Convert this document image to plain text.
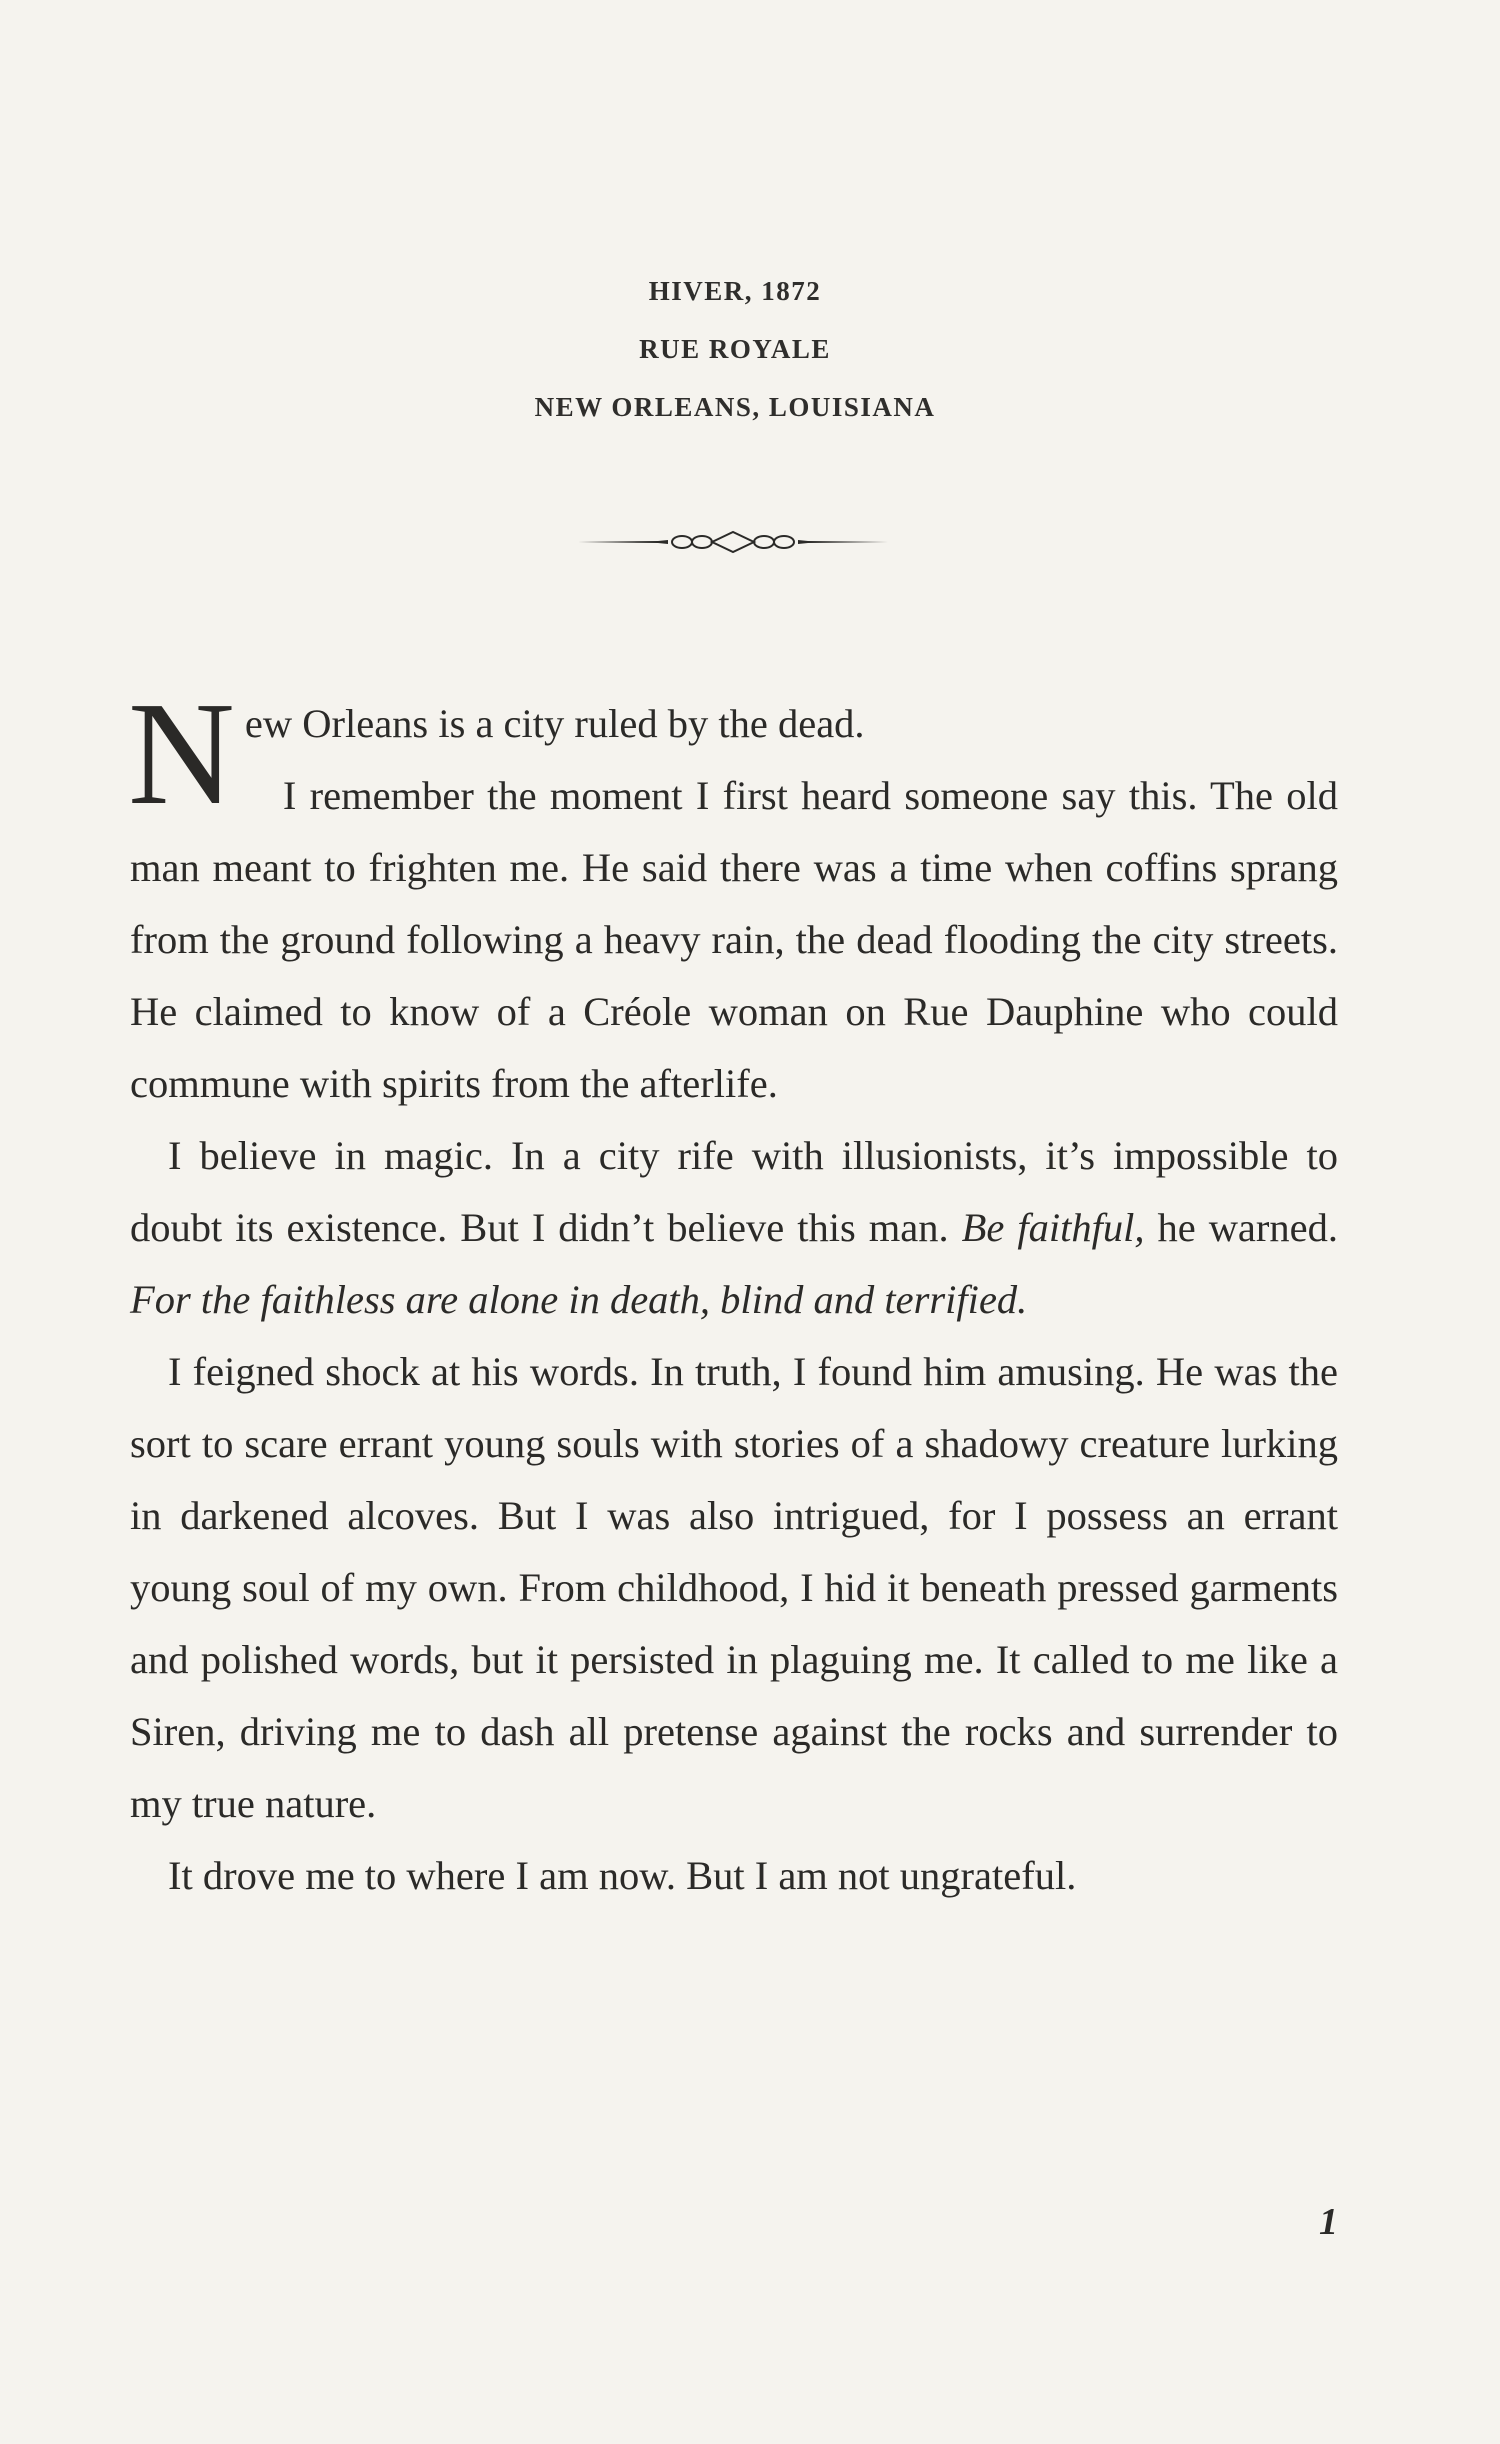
HIVER, 1872
RUE ROYALE
NEW ORLEANS, LOUISIANA

New Orleans is a city ruled by the dead.

I remember the moment I first heard someone say this. The old man meant to frighten me. He said there was a time when coffins sprang from the ground following a heavy rain, the dead flooding the city streets. He claimed to know of a Créole woman on Rue Dauphine who could commune with spirits from the afterlife.

I believe in magic. In a city rife with illusionists, it’s impossible to doubt its existence. But I didn’t believe this man. Be faithful, he warned. For the faithless are alone in death, blind and terrified.

I feigned shock at his words. In truth, I found him amusing. He was the sort to scare errant young souls with stories of a shadowy creature lurking in darkened alcoves. But I was also intrigued, for I possess an errant young soul of my own. From childhood, I hid it beneath pressed garments and polished words, but it persisted in plaguing me. It called to me like a Siren, driving me to dash all pretense against the rocks and surrender to my true nature.

It drove me to where I am now. But I am not ungrateful.

1
